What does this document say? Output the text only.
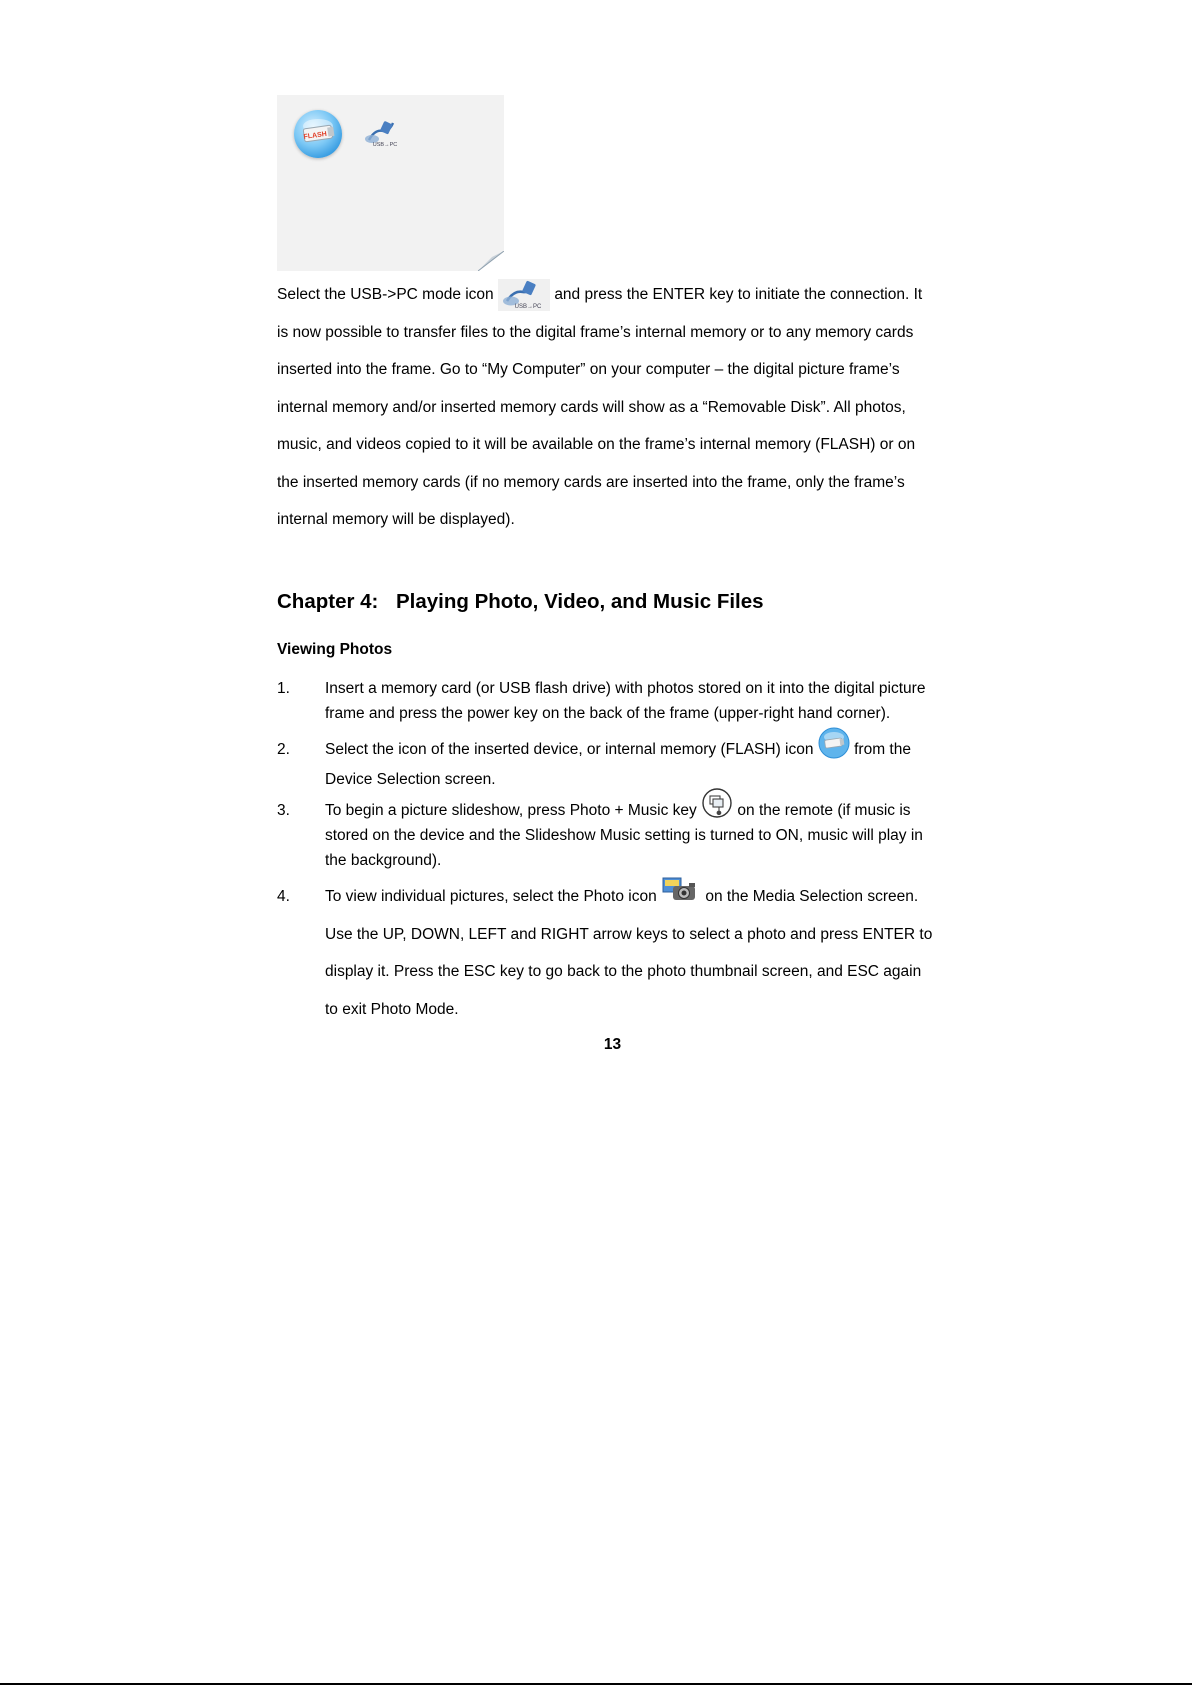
FLASH
USB→PC
Select the USB->PC mode icon
USB→PC
and press the ENTER key to initiate the connection. It
is now possible to transfer files to the digital frame’s internal memory or to any memory cards
inserted into the frame. Go to “My Computer” on your computer – the digital picture frame’s
internal memory and/or inserted memory cards will show as a “Removable Disk”. All photos,
music, and videos copied to it will be available on the frame’s internal memory (FLASH) or on
the inserted memory cards (if no memory cards are inserted into the frame, only the frame’s
internal memory will be displayed).
Chapter 4: Playing Photo, Video, and Music Files
Viewing Photos
1. Insert a memory card (or USB flash drive) with photos stored on it into the digital picture
frame and press the power key on the back of the frame (upper-right hand corner).
2. Select the icon of the inserted device, or internal memory (FLASH) icon	from the
Device Selection screen.
3. To begin a picture slideshow, press Photo + Music key	on the remote (if music is
stored on the device and the Slideshow Music setting is turned to ON, music will play in
the background).
4. To view individual pictures, select the Photo icon	on the Media Selection screen.
Use the UP, DOWN, LEFT and RIGHT arrow keys to select a photo and press ENTER to
display it. Press the ESC key to go back to the photo thumbnail screen, and ESC again
to exit Photo Mode.
13
